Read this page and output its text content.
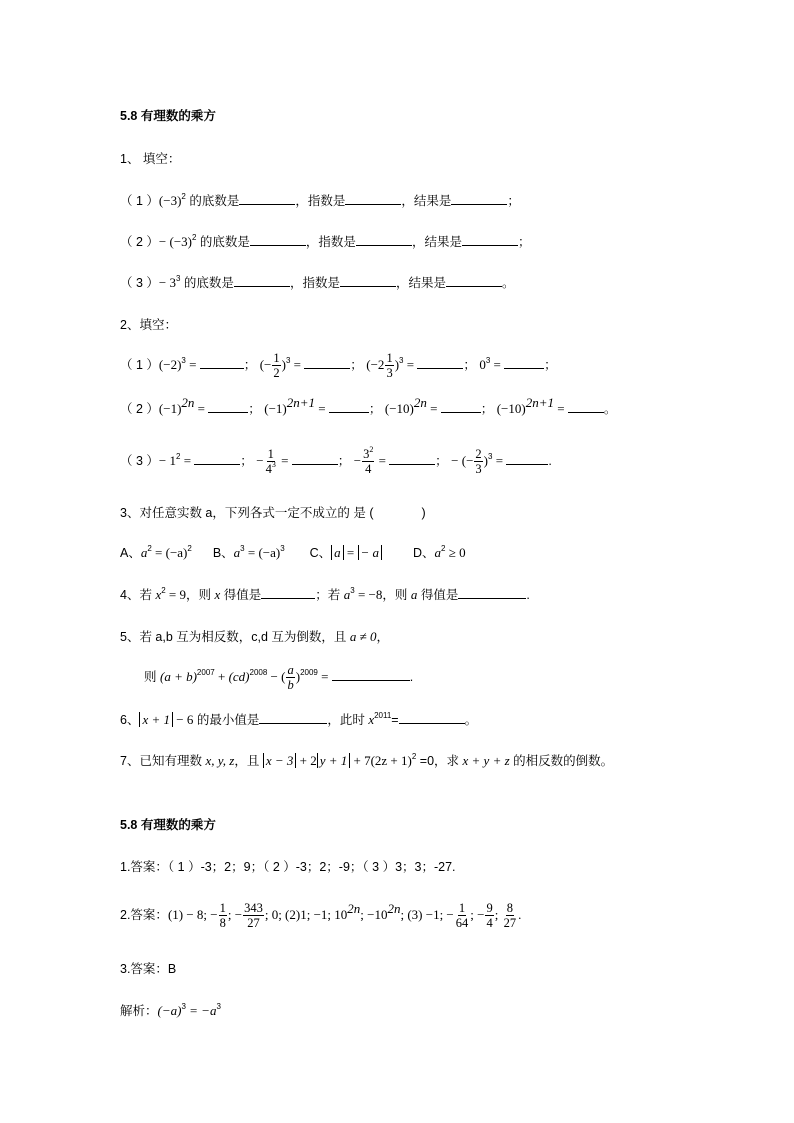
5.8 有理数的乘方
1、 填空：
（ 1 ）$(-3)^2$ 的底数是	，指数是	，结果是	；
（ 2 ）− $(-3)^2$ 的底数是	，指数是	，结果是	；
（ 3 ）− $3^3$ 的底数是	，指数是	，结果是	。
2、填空：
（ 1 ）$(-2)^3$ =	； (− $\frac{1}{2} )^3$ =	； $(-2 \frac{1}{3} )^3$ =	； $0^3$ =	；
（ 2 ）$(-1)^{2n}$ =	； $(-1)^{2n+1}$ =	； $(-10)^{2n}$ =	； $(-10)^{2n+1}$ =	。
（ 3 ）− $1^2$ =	； − $\frac{1}{4^3}$ =	； − $\frac{3^2}{4}$ =	； − (− $\frac{2}{3} )^3$ =	.
3、对任意实数 a，下列各式一定不成立的 是 (	)
A、$a^2 = (-a)^2$ B、$a^3 = (-a)^3$ C、 a = − a	D、$a^2 \ge 0$
4、若 $x^2 = 9$，则 x 得值是	；若 $a^3 = -8$，则 a 得值是	.
5、若 a,b 互为相反数，c,d 互为倒数，且 a ≠ 0，
则 $(a + b)^{2007} + (cd)^{2008}$ − ( $\frac{a}{b} )^{2009}$ =	.
6、 x + 1 − 6 的最小值是	，此时 $x^{2011}=$	。
7、已知有理数 x, y, z，且 x − 3 + 2 $y + 1 + 7(2z + 1)^2 =0$，求 x + y + z 的相反数的倒数。
5.8 有理数的乘方
1.答案：（ 1 ）-3；2；9；（ 2 ）-3；2；-9；（ 3 ）3；3；-27.
2.答案：(1) − 8; − $\frac{1}{8}$ ; − $\frac{343}{27}$ ; 0; (2)1; −1; $10^{2n}$; $-10^{2n}$; (3) −1; − $\frac{1}{64}$ ; − $\frac{9}{4}$ ; $\frac{8}{27}$ .
3.答案：B
解析：$(-a)^3 = -a^3$
